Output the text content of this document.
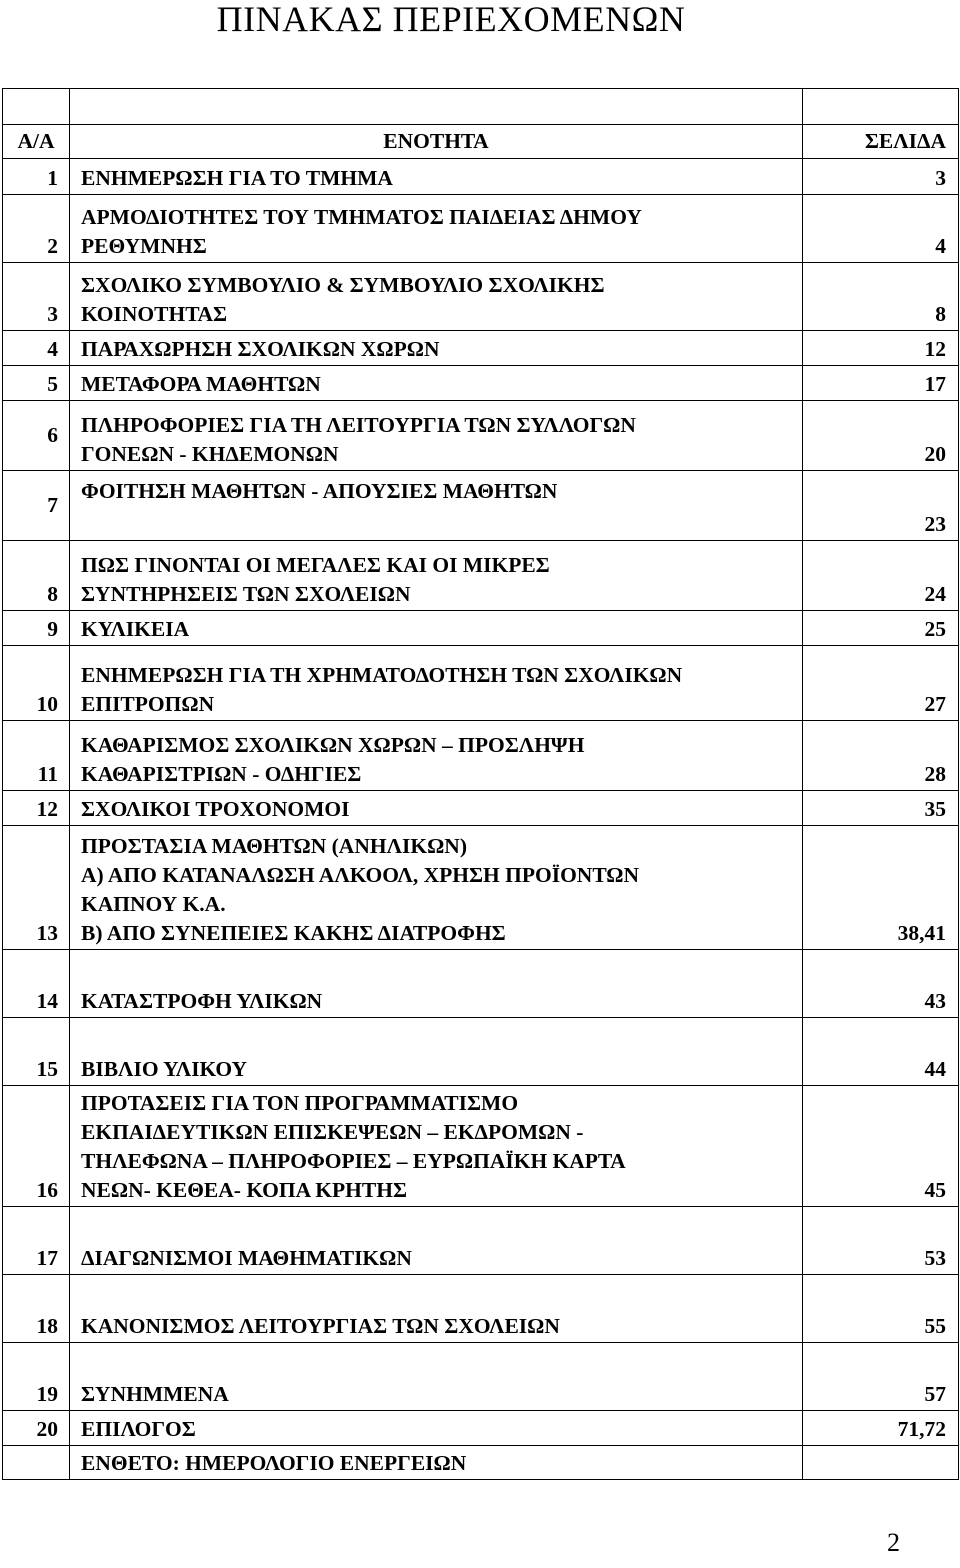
ΠΙΝΑΚΑΣ ΠΕΡΙΕΧΟΜΕΝΩΝ

Α/Α	ΕΝΟΤΗΤΑ	ΣΕΛΙΔΑ
1	ΕΝΗΜΕΡΩΣΗ ΓΙΑ ΤΟ ΤΜΗΜΑ	3
2	ΑΡΜΟΔΙΟΤΗΤΕΣ ΤΟΥ ΤΜΗΜΑΤΟΣ ΠΑΙΔΕΙΑΣ ΔΗΜΟΥ ΡΕΘΥΜΝΗΣ	4
3	ΣΧΟΛΙΚΟ ΣΥΜΒΟΥΛΙΟ & ΣΥΜΒΟΥΛΙΟ ΣΧΟΛΙΚΗΣ ΚΟΙΝΟΤΗΤΑΣ	8
4	ΠΑΡΑΧΩΡΗΣΗ ΣΧΟΛΙΚΩΝ ΧΩΡΩΝ	12
5	ΜΕΤΑΦΟΡΑ ΜΑΘΗΤΩΝ	17
6	ΠΛΗΡΟΦΟΡΙΕΣ ΓΙΑ ΤΗ ΛΕΙΤΟΥΡΓΙΑ ΤΩΝ ΣΥΛΛΟΓΩΝ ΓΟΝΕΩΝ - ΚΗΔΕΜΟΝΩΝ	20
7	ΦΟΙΤΗΣΗ ΜΑΘΗΤΩΝ - ΑΠΟΥΣΙΕΣ ΜΑΘΗΤΩΝ	23
8	ΠΩΣ ΓΙΝΟΝΤΑΙ ΟΙ ΜΕΓΑΛΕΣ ΚΑΙ ΟΙ ΜΙΚΡΕΣ ΣΥΝΤΗΡΗΣΕΙΣ ΤΩΝ ΣΧΟΛΕΙΩΝ	24
9	ΚΥΛΙΚΕΙΑ	25
10	ΕΝΗΜΕΡΩΣΗ ΓΙΑ ΤΗ ΧΡΗΜΑΤΟΔΟΤΗΣΗ ΤΩΝ ΣΧΟΛΙΚΩΝ ΕΠΙΤΡΟΠΩΝ	27
11	ΚΑΘΑΡΙΣΜΟΣ ΣΧΟΛΙΚΩΝ ΧΩΡΩΝ – ΠΡΟΣΛΗΨΗ ΚΑΘΑΡΙΣΤΡΙΩΝ - ΟΔΗΓΙΕΣ	28
12	ΣΧΟΛΙΚΟΙ ΤΡΟΧΟΝΟΜΟΙ	35
13	ΠΡΟΣΤΑΣΙΑ ΜΑΘΗΤΩΝ (ΑΝΗΛΙΚΩΝ)
Α) ΑΠΟ ΚΑΤΑΝΑΛΩΣΗ ΑΛΚΟΟΛ, ΧΡΗΣΗ ΠΡΟΪΟΝΤΩΝ ΚΑΠΝΟΥ Κ.Α.
Β) ΑΠΟ ΣΥΝΕΠΕΙΕΣ ΚΑΚΗΣ ΔΙΑΤΡΟΦΗΣ	38,41
14	ΚΑΤΑΣΤΡΟΦΗ ΥΛΙΚΩΝ	43
15	ΒΙΒΛΙΟ ΥΛΙΚΟΥ	44
16	ΠΡΟΤΑΣΕΙΣ ΓΙΑ ΤΟΝ ΠΡΟΓΡΑΜΜΑΤΙΣΜΟ ΕΚΠΑΙΔΕΥΤΙΚΩΝ ΕΠΙΣΚΕΨΕΩΝ – ΕΚΔΡΟΜΩΝ - ΤΗΛΕΦΩΝΑ – ΠΛΗΡΟΦΟΡΙΕΣ – ΕΥΡΩΠΑΪΚΗ ΚΑΡΤΑ ΝΕΩΝ- ΚΕΘΕΑ- ΚΟΠΑ ΚΡΗΤΗΣ	45
17	ΔΙΑΓΩΝΙΣΜΟΙ ΜΑΘΗΜΑΤΙΚΩΝ	53
18	ΚΑΝΟΝΙΣΜΟΣ ΛΕΙΤΟΥΡΓΙΑΣ ΤΩΝ ΣΧΟΛΕΙΩΝ	55
19	ΣΥΝΗΜΜΕΝΑ	57
20	ΕΠΙΛΟΓΟΣ	71,72
	ΕΝΘΕΤΟ: ΗΜΕΡΟΛΟΓΙΟ ΕΝΕΡΓΕΙΩΝ	
2
